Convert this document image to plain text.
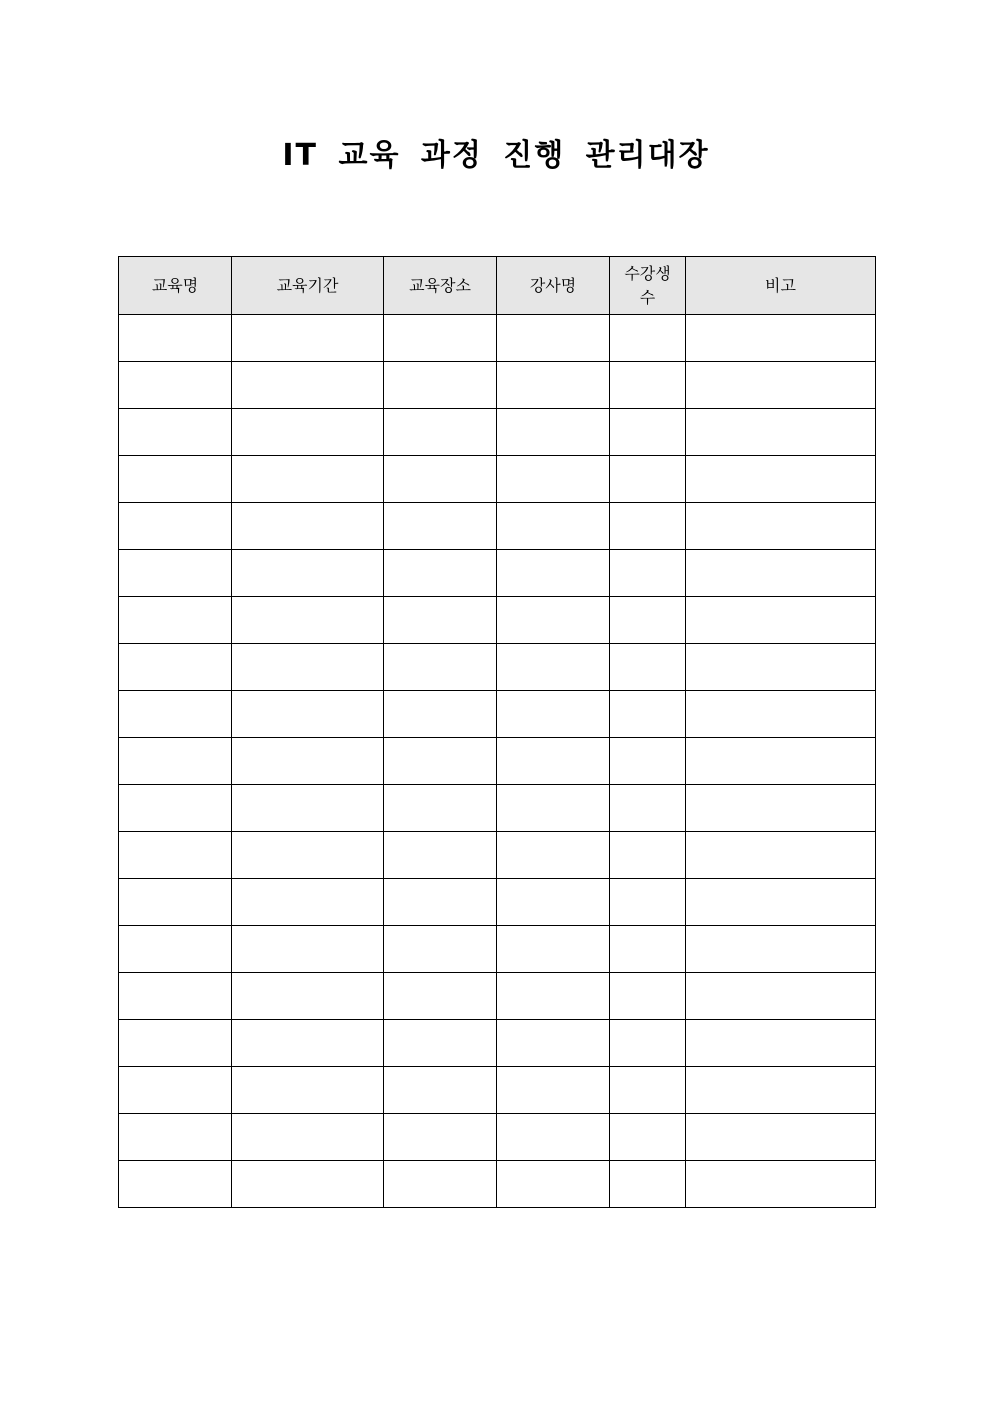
IT 교육 과정 진행 관리대장
교육명	교육기간	교육장소	강사명	수강생수	비고
